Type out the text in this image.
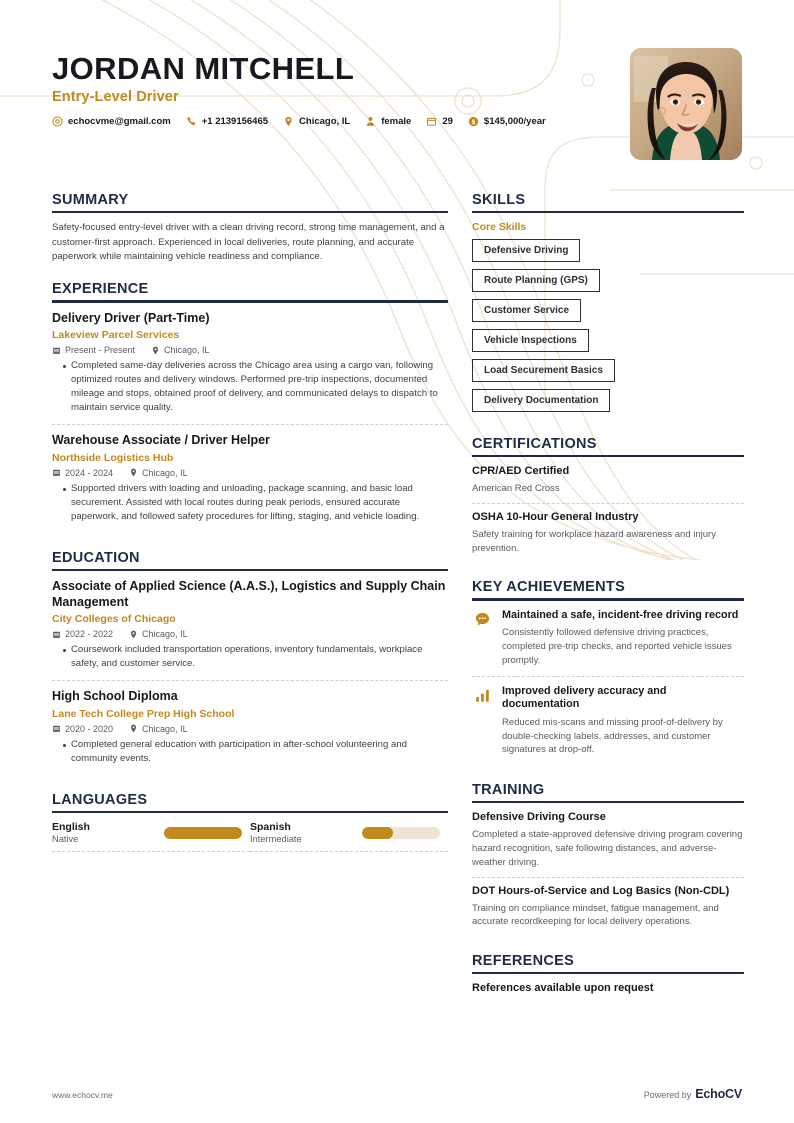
JORDAN MITCHELL
Entry-Level Driver
echocvme@gmail.com	+1 2139156465	Chicago, IL	female	29 $ $145,000/year
SUMMARY
Safety-focused entry-level driver with a clean driving record, strong time management, and a customer-first approach. Experienced in local deliveries, route planning, and accurate paperwork while maintaining vehicle readiness and compliance.
EXPERIENCE
Delivery Driver (Part-Time)
Lakeview Parcel Services
Present - Present	Chicago, IL
Completed same-day deliveries across the Chicago area using a cargo van, following optimized routes and delivery windows. Performed pre-trip inspections, documented mileage and stops, obtained proof of delivery, and communicated delays to dispatch to maintain service quality.
Warehouse Associate / Driver Helper
Northside Logistics Hub
2024 - 2024	Chicago, IL
Supported drivers with loading and unloading, package scanning, and basic load securement. Assisted with local routes during peak periods, ensured accurate paperwork, and followed safety procedures for lifting, staging, and vehicle loading.
EDUCATION
Associate of Applied Science (A.A.S.), Logistics and Supply Chain Management
City Colleges of Chicago
2022 - 2022	Chicago, IL
Coursework included transportation operations, inventory fundamentals, workplace safety, and customer service.
High School Diploma
Lane Tech College Prep High School
2020 - 2020	Chicago, IL
Completed general education with participation in after-school volunteering and community events.
LANGUAGES
English
Native
Spanish
Intermediate
SKILLS
Core Skills
Defensive Driving
Route Planning (GPS)
Customer Service
Vehicle Inspections
Load Securement Basics
Delivery Documentation
CERTIFICATIONS
CPR/AED Certified
American Red Cross
OSHA 10-Hour General Industry
Safety training for workplace hazard awareness and injury prevention.
KEY ACHIEVEMENTS
Maintained a safe, incident-free driving record
Consistently followed defensive driving practices, completed pre-trip checks, and reported vehicle issues promptly.
Improved delivery accuracy and documentation
Reduced mis-scans and missing proof-of-delivery by double-checking labels, addresses, and customer signatures at drop-off.
TRAINING
Defensive Driving Course
Completed a state-approved defensive driving program covering hazard recognition, safe following distances, and adverse-weather driving.
DOT Hours-of-Service and Log Basics (Non-CDL)
Training on compliance mindset, fatigue management, and accurate recordkeeping for local delivery operations.
REFERENCES
References available upon request
www.echocv.me	Powered by EchoCV
